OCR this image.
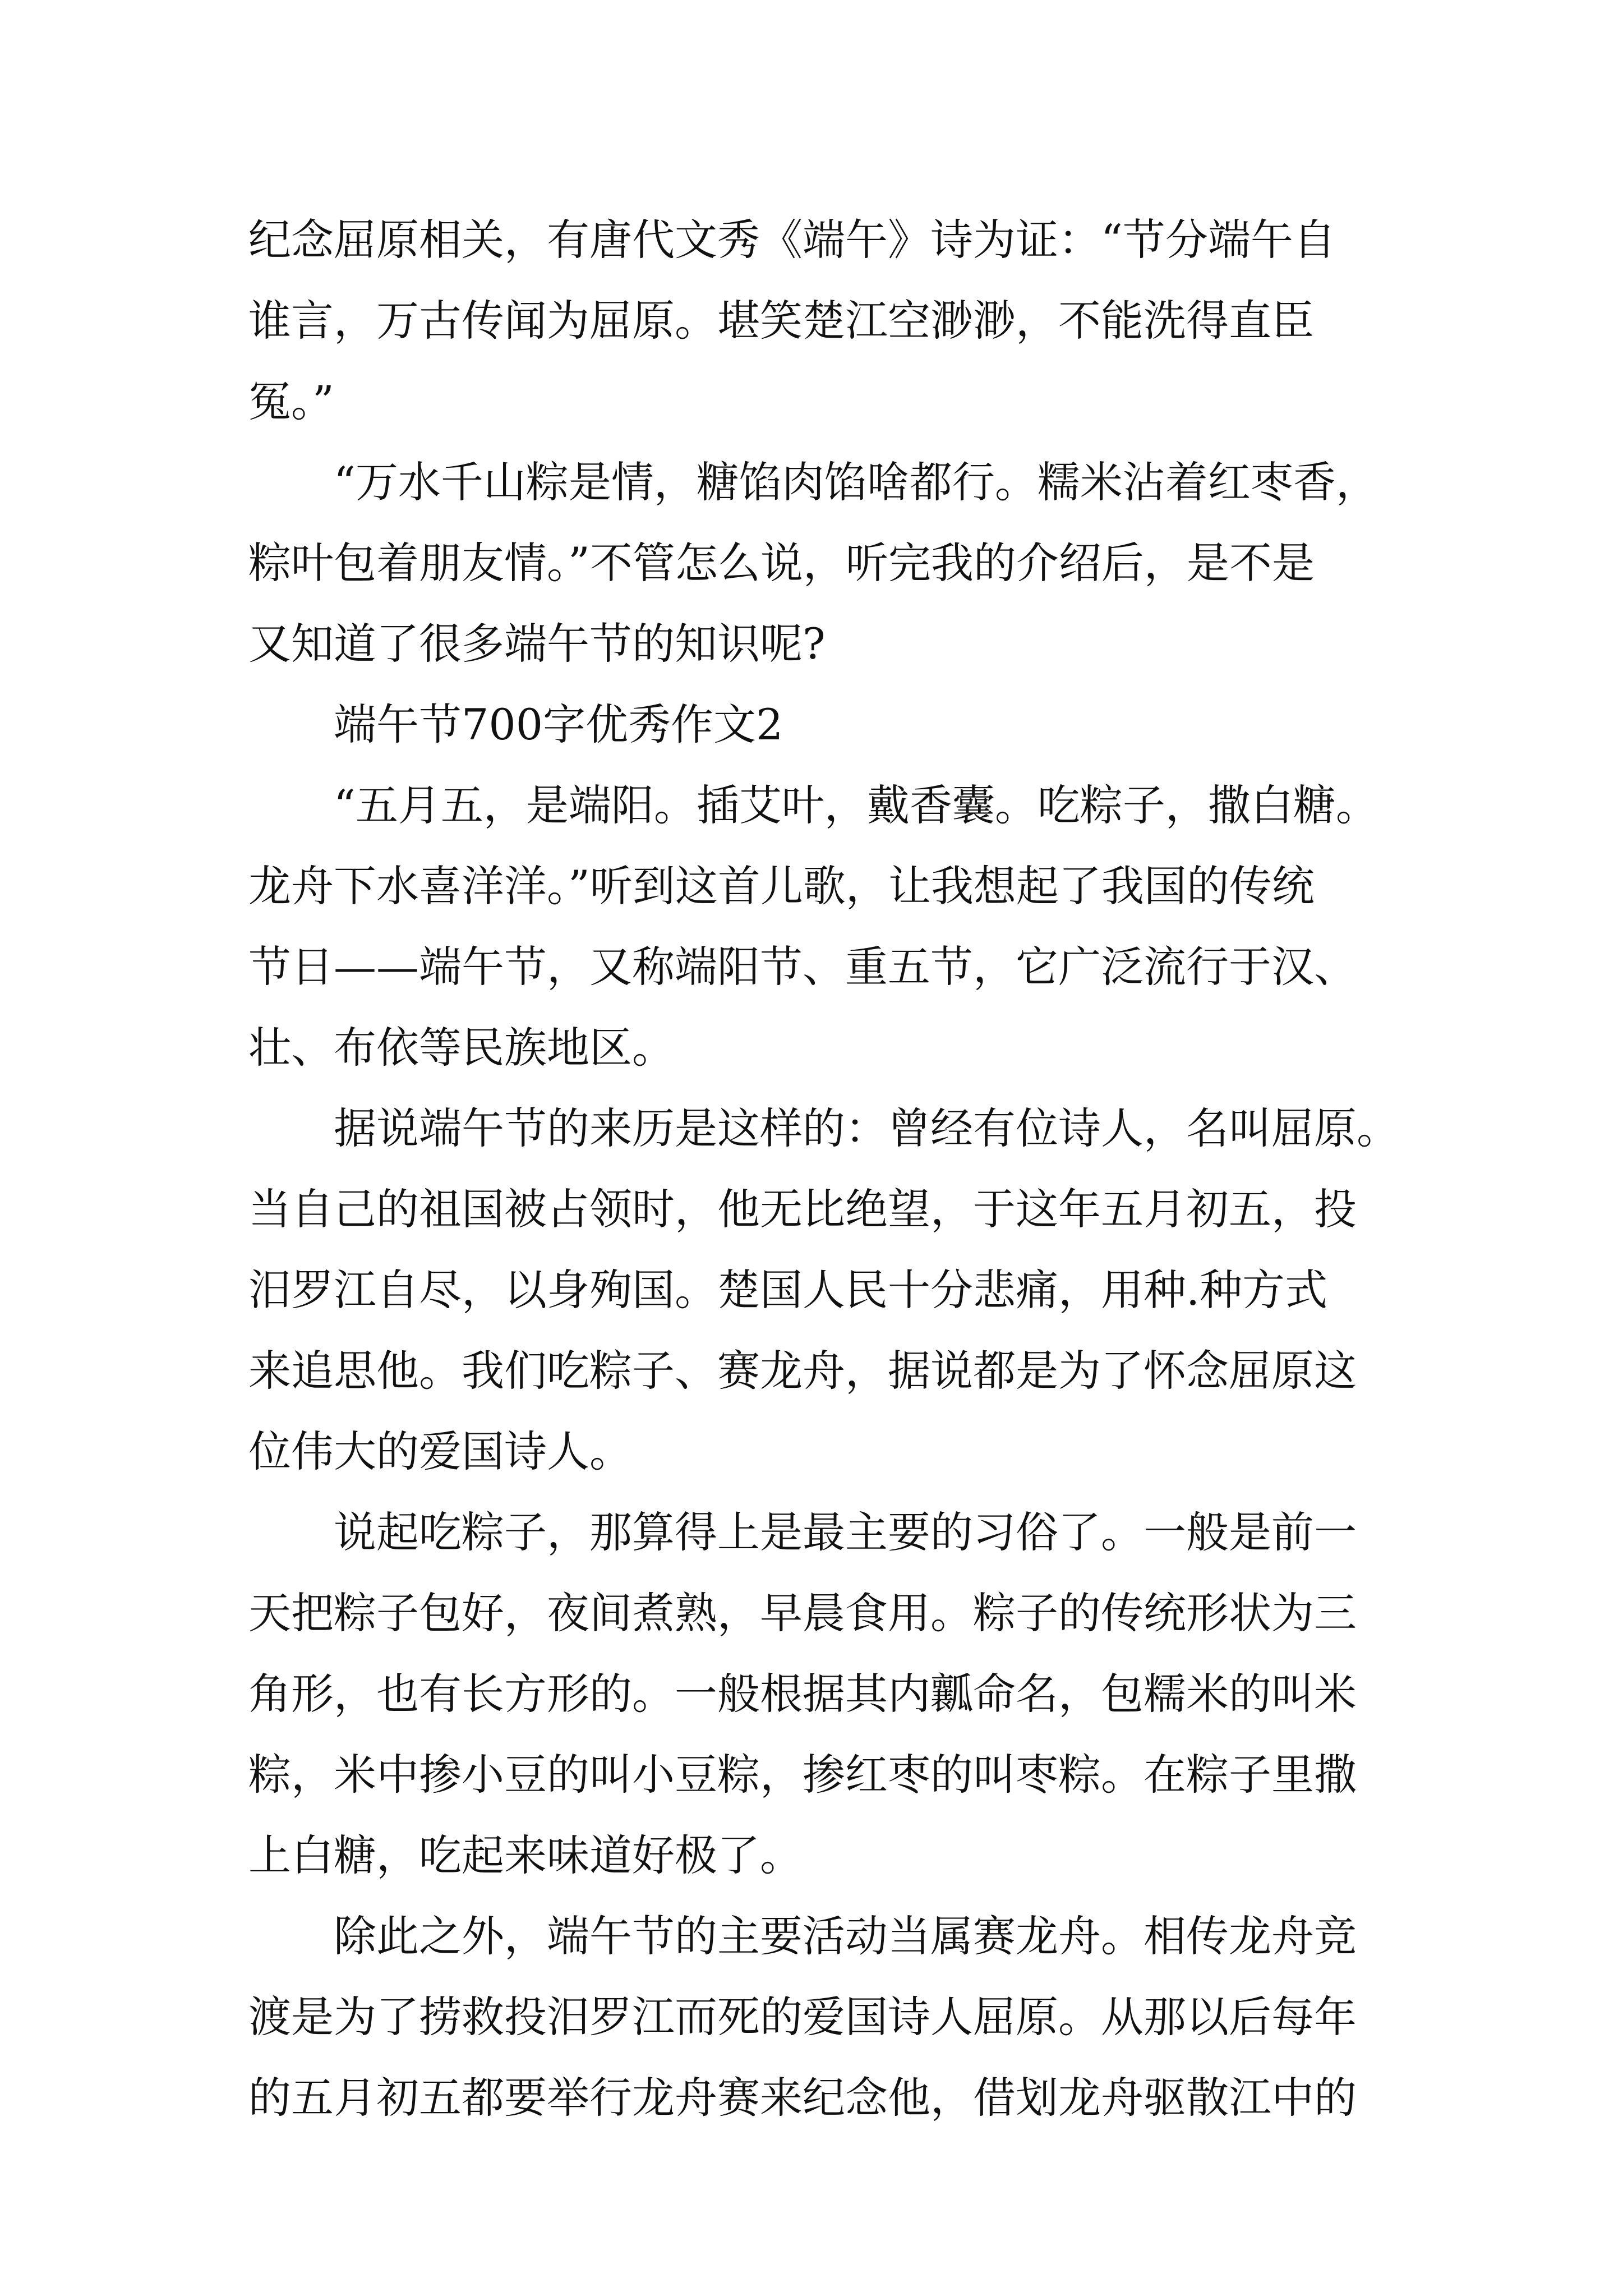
纪念屈原相关，有唐代文秀《端午》诗为证：“节分端午自

谁言，万古传闻为屈原。堪笑楚江空渺渺，不能洗得直臣

冤。”

“万水千山粽是情，糖馅肉馅啥都行。糯米沾着红枣香，

粽叶包着朋友情。”不管怎么说，听完我的介绍后，是不是

又知道了很多端午节的知识呢?

端午节700字优秀作文2

“五月五，是端阳。插艾叶，戴香囊。吃粽子，撒白糖。

龙舟下水喜洋洋。”听到这首儿歌，让我想起了我国的传统

节日——端午节，又称端阳节、重五节，它广泛流行于汉、

壮、布依等民族地区。

据说端午节的来历是这样的：曾经有位诗人，名叫屈原。

当自己的祖国被占领时，他无比绝望，于这年五月初五，投

汨罗江自尽，以身殉国。楚国人民十分悲痛，用种.种方式

来追思他。我们吃粽子、赛龙舟，据说都是为了怀念屈原这

位伟大的爱国诗人。

说起吃粽子，那算得上是最主要的习俗了。一般是前一

天把粽子包好，夜间煮熟，早晨食用。粽子的传统形状为三

角形，也有长方形的。一般根据其内瓤命名，包糯米的叫米

粽，米中掺小豆的叫小豆粽，掺红枣的叫枣粽。在粽子里撒

上白糖，吃起来味道好极了。

除此之外，端午节的主要活动当属赛龙舟。相传龙舟竞

渡是为了捞救投汨罗江而死的爱国诗人屈原。从那以后每年

的五月初五都要举行龙舟赛来纪念他，借划龙舟驱散江中的
